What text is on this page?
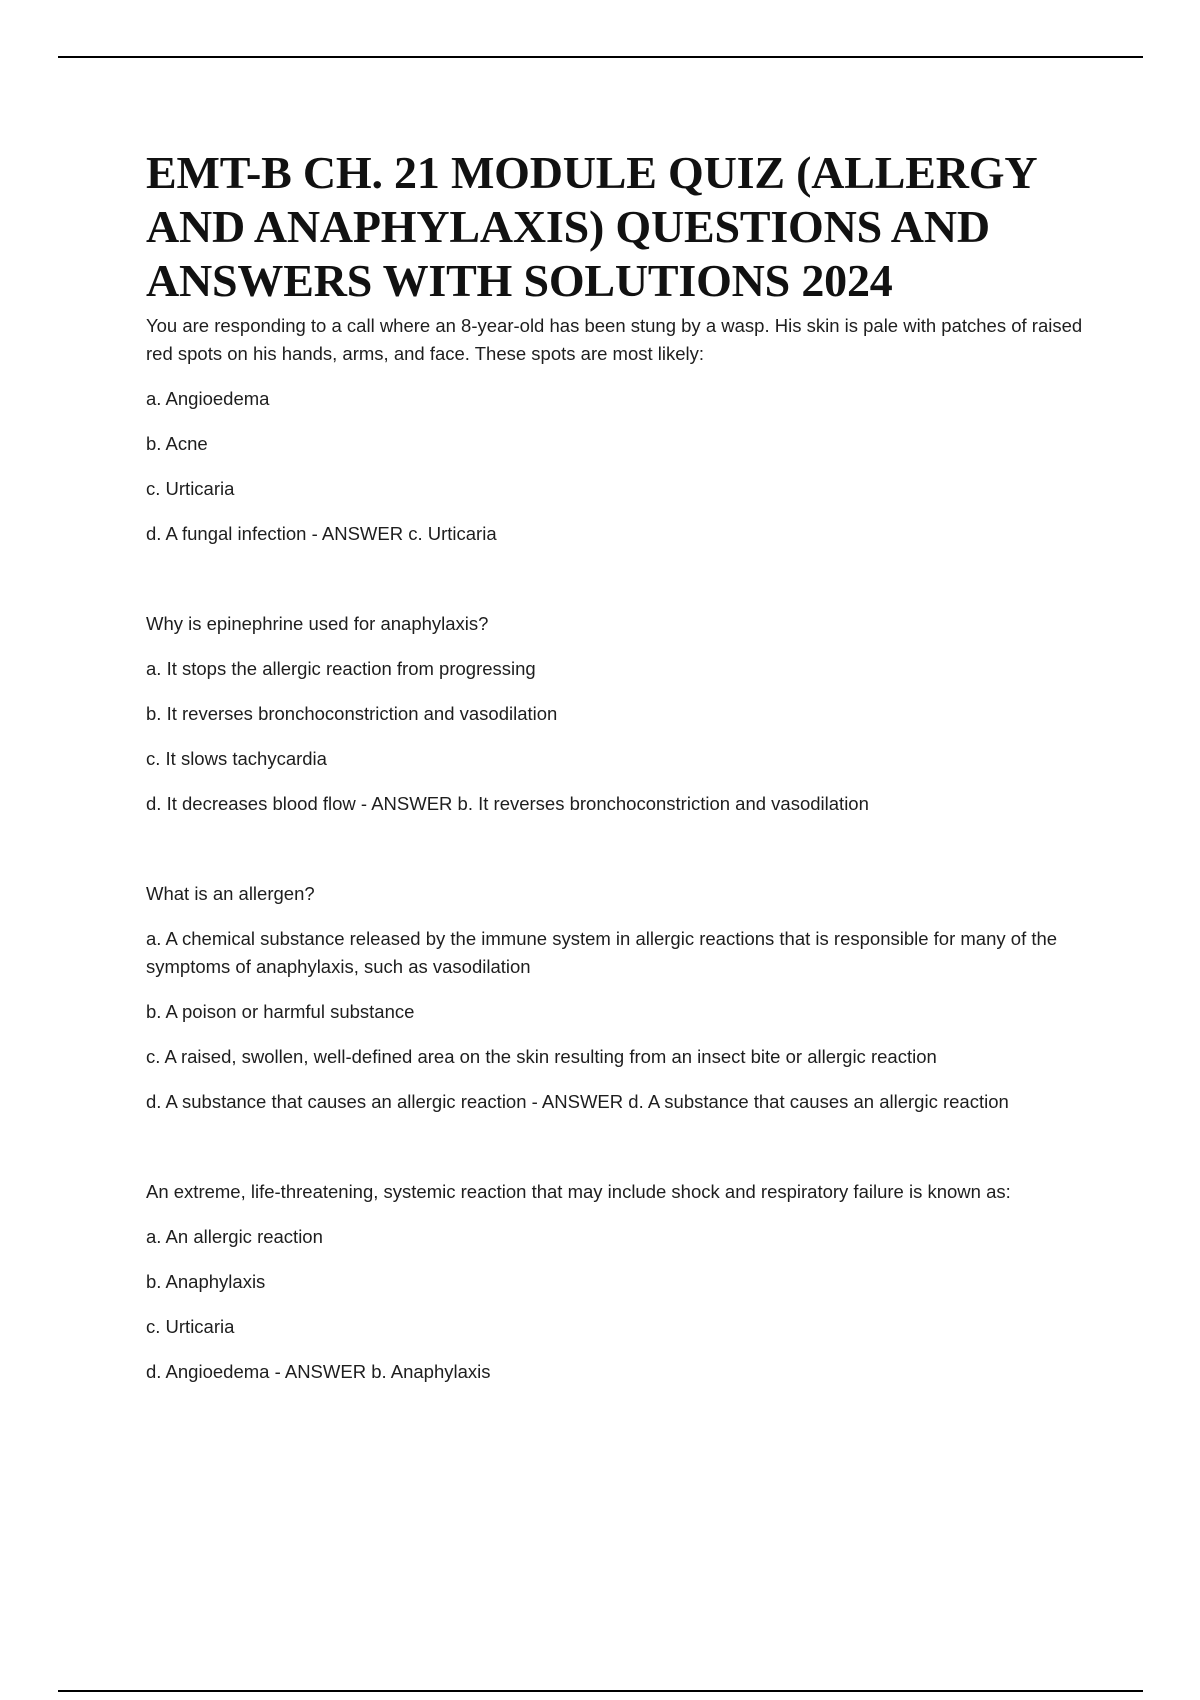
EMT-B CH. 21 MODULE QUIZ (ALLERGY AND ANAPHYLAXIS) QUESTIONS AND ANSWERS WITH SOLUTIONS 2024

You are responding to a call where an 8-year-old has been stung by a wasp. His skin is pale with patches of raised red spots on his hands, arms, and face. These spots are most likely:

a. Angioedema

b. Acne

c. Urticaria

d. A fungal infection - ANSWER c. Urticaria

Why is epinephrine used for anaphylaxis?

a. It stops the allergic reaction from progressing

b. It reverses bronchoconstriction and vasodilation

c. It slows tachycardia

d. It decreases blood flow - ANSWER b. It reverses bronchoconstriction and vasodilation

What is an allergen?

a. A chemical substance released by the immune system in allergic reactions that is responsible for many of the symptoms of anaphylaxis, such as vasodilation

b. A poison or harmful substance

c. A raised, swollen, well-defined area on the skin resulting from an insect bite or allergic reaction

d. A substance that causes an allergic reaction - ANSWER d. A substance that causes an allergic reaction

An extreme, life-threatening, systemic reaction that may include shock and respiratory failure is known as:

a. An allergic reaction

b. Anaphylaxis

c. Urticaria

d. Angioedema - ANSWER b. Anaphylaxis
